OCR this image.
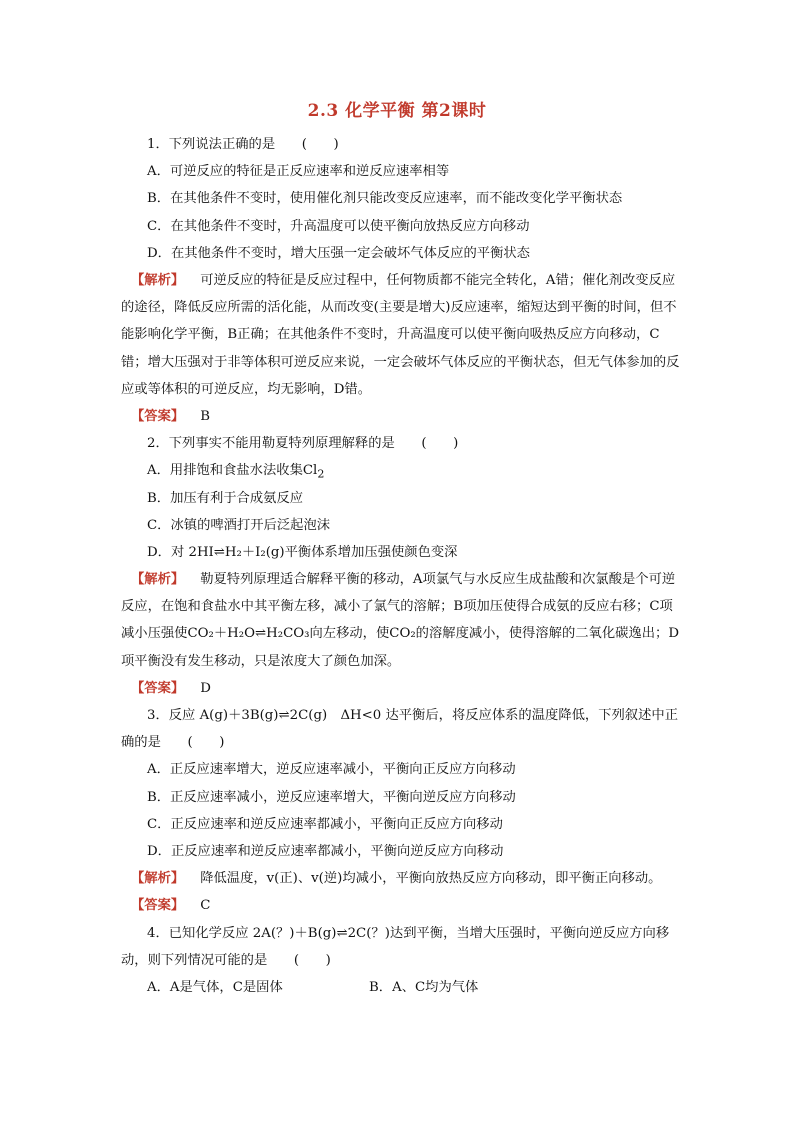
2.3 化学平衡 第2课时
1．下列说法正确的是　　(　　)
A．可逆反应的特征是正反应速率和逆反应速率相等
B．在其他条件不变时，使用催化剂只能改变反应速率，而不能改变化学平衡状态
C．在其他条件不变时，升高温度可以使平衡向放热反应方向移动
D．在其他条件不变时，增大压强一定会破坏气体反应的平衡状态

【解析】 可逆反应的特征是反应过程中，任何物质都不能完全转化，A错；催化剂改变反应的途径，降低反应所需的活化能，从而改变(主要是增大)反应速率，缩短达到平衡的时间，但不能影响化学平衡，B正确；在其他条件不变时，升高温度可以使平衡向吸热反应方向移动，C错；增大压强对于非等体积可逆反应来说，一定会破坏气体反应的平衡状态，但无气体参加的反应或等体积的可逆反应，均无影响，D错。

【答案】 B
2．下列事实不能用勒夏特列原理解释的是　　(　　)
A．用排饱和食盐水法收集$Cl_2$
B．加压有利于合成氨反应
C．冰镇的啤酒打开后泛起泡沫
D．对 2HI⇌H₂＋I₂(g)平衡体系增加压强使颜色变深

【解析】 勒夏特列原理适合解释平衡的移动，A项氯气与水反应生成盐酸和次氯酸是个可逆反应，在饱和食盐水中其平衡左移，减小了氯气的溶解；B项加压使得合成氨的反应右移；C项减小压强使CO₂＋H₂O⇌H₂CO₃向左移动，使CO₂的溶解度减小，使得溶解的二氧化碳逸出；D项平衡没有发生移动，只是浓度大了颜色加深。

【答案】 D

3．反应 A(g)＋3B(g)⇌2C(g)　ΔH<0 达平衡后，将反应体系的温度降低，下列叙述中正确的是　　(　　)

A．正反应速率增大，逆反应速率减小，平衡向正反应方向移动
B．正反应速率减小，逆反应速率增大，平衡向逆反应方向移动
C．正反应速率和逆反应速率都减小，平衡向正反应方向移动
D．正反应速率和逆反应速率都减小，平衡向逆反应方向移动

【解析】 降低温度，v(正)、v(逆)均减小，平衡向放热反应方向移动，即平衡正向移动。

【答案】 C

4．已知化学反应 2A(？)＋B(g)⇌2C(？)达到平衡，当增大压强时，平衡向逆反应方向移动，则下列情况可能的是　　(　　)

A．A是气体，C是固体	B．A、C均为气体
